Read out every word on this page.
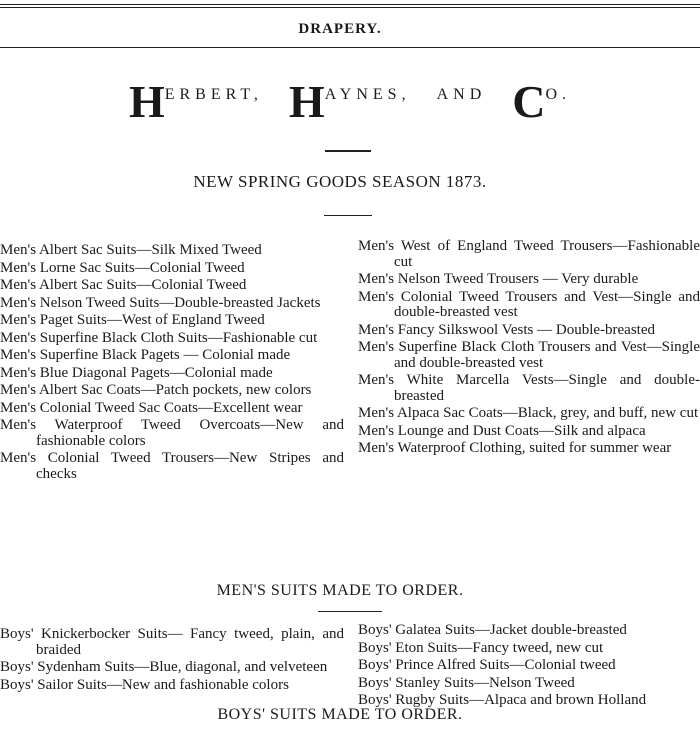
DRAPERY.
HERBERT, HAYNES, AND CO.
NEW SPRING GOODS SEASON 1873.
Men's Albert Sac Suits—Silk Mixed Tweed
Men's Lorne Sac Suits—Colonial Tweed
Men's Albert Sac Suits—Colonial Tweed
Men's Nelson Tweed Suits—Double-breasted Jackets
Men's Paget Suits—West of England Tweed
Men's Superfine Black Cloth Suits—Fashionable cut
Men's Superfine Black Pagets — Colonial made
Men's Blue Diagonal Pagets—Colonial made
Men's Albert Sac Coats—Patch pockets, new colors
Men's Colonial Tweed Sac Coats—Excellent wear
Men's Waterproof Tweed Overcoats—New and fashionable colors
Men's Colonial Tweed Trousers—New Stripes and checks
Men's West of England Tweed Trousers—Fashionable cut
Men's Nelson Tweed Trousers — Very durable
Men's Colonial Tweed Trousers and Vest—Single and double-breasted vest
Men's Fancy Silkswool Vests — Double-breasted
Men's Superfine Black Cloth Trousers and Vest—Single and double-breasted vest
Men's White Marcella Vests—Single and double-breasted
Men's Alpaca Sac Coats—Black, grey, and buff, new cut
Men's Lounge and Dust Coats—Silk and alpaca
Men's Waterproof Clothing, suited for summer wear
MEN'S SUITS MADE TO ORDER.
Boys' Knickerbocker Suits— Fancy tweed, plain, and braided
Boys' Sydenham Suits—Blue, diagonal, and velveteen
Boys' Sailor Suits—New and fashionable colors
Boys' Galatea Suits—Jacket double-breasted
Boys' Eton Suits—Fancy tweed, new cut
Boys' Prince Alfred Suits—Colonial tweed
Boys' Stanley Suits—Nelson Tweed
Boys' Rugby Suits—Alpaca and brown Holland
BOYS' SUITS MADE TO ORDER.
